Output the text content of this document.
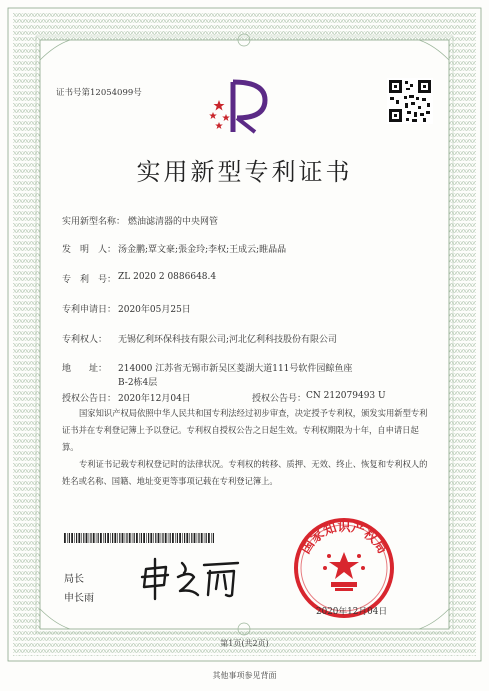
证书号第12054099号
实用新型专利证书
实用新型名称： 燃油滤清器的中央网管
发　明　人： 汤金鹏;覃文豪;張金玲;李权;王成云;睢晶晶
专　利　号： ZL 2020 2 0886648.4
专利申请日： 2020年05月25日
专利权人： 无锡亿利环保科技有限公司;河北亿利科技股份有限公司
地　　址： 214000 江苏省无锡市新吴区菱湖大道111号软件园鲸鱼座
B-2栋4层
授权公告日： 2020年12月04日	授权公告号： CN 212079493 U
国家知识产权局依照中华人民共和国专利法经过初步审查，决定授予专利权，颁发实用新型专利证书并在专利登记簿上予以登记。专利权自授权公告之日起生效。专利权期限为十年，自申请日起算。
专利证书记载专利权登记时的法律状况。专利权的转移、质押、无效、终止、恢复和专利权人的姓名或名称、国籍、地址变更等事项记载在专利登记簿上。
局长
申长雨
国家知识产权局
2020年12月04日
第1页(共2页)
其他事项参见背面
